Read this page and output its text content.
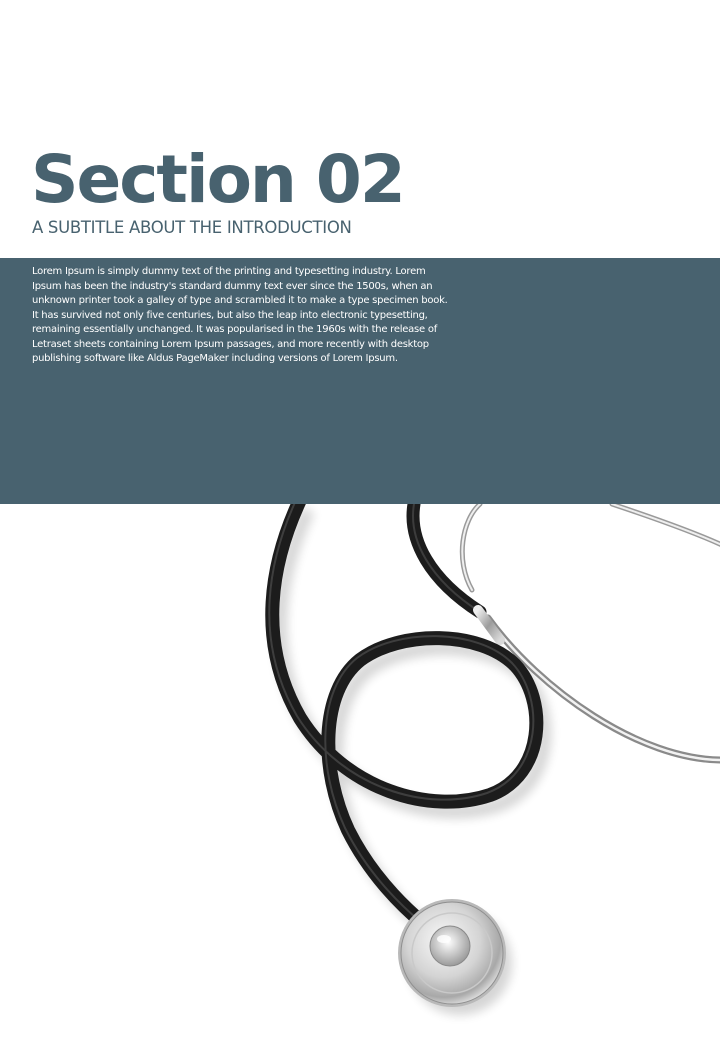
Section 02
A SUBTITLE ABOUT THE INTRODUCTION

Lorem Ipsum is simply dummy text of the printing and typesetting industry. Lorem Ipsum has been the industry's standard dummy text ever since the 1500s, when an unknown printer took a galley of type and scrambled it to make a type specimen book. It has survived not only five centuries, but also the leap into electronic typesetting, remaining essentially unchanged. It was popularised in the 1960s with the release of Letraset sheets containing Lorem Ipsum passages, and more recently with desktop publishing software like Aldus PageMaker including versions of Lorem Ipsum.
